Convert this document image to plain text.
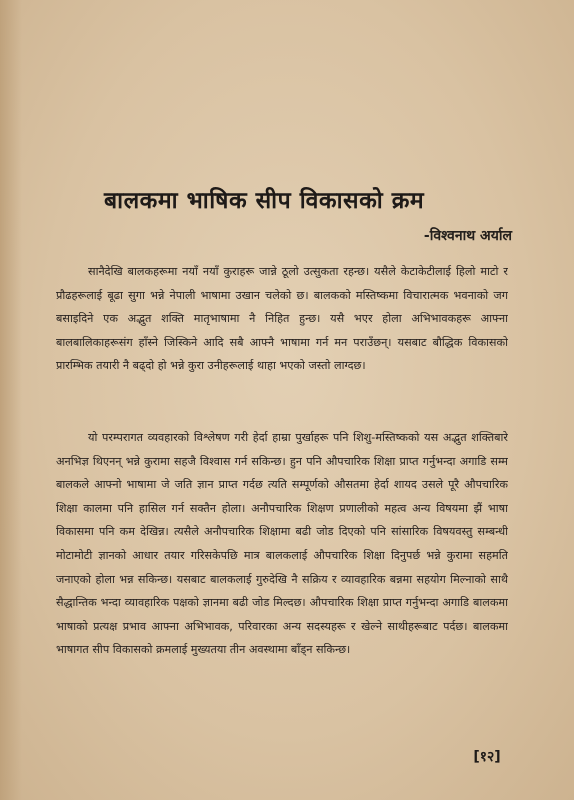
बालकमा भाषिक सीप विकासको क्रम
-विश्वनाथ अर्याल

सानैदेखि बालकहरूमा नयाँ नयाँ कुराहरू जान्ने ठूलो उत्सुकता रहन्छ। यसैले केटाकेटीलाई हिलो माटो र प्रौढहरूलाई बूढा सुगा भन्ने नेपाली भाषामा उखान चलेको छ। बालकको मस्तिष्कमा विचारात्मक भवनाको जग बसाइदिने एक अद्भुत शक्ति मातृभाषामा नै निहित हुन्छ। यसै भएर होला अभिभावकहरू आफ्ना बालबालिकाहरूसंग हाँस्ने जिस्किने आदि सबै आफ्नै भाषामा गर्न मन पराउँछन्। यसबाट बौद्धिक विकासको प्रारम्भिक तयारी नै बढ्दो हो भन्ने कुरा उनीहरूलाई थाहा भएको जस्तो लाग्दछ।

यो परम्परागत व्यवहारको विश्लेषण गरी हेर्दा हाम्रा पुर्खाहरू पनि शिशु-मस्तिष्कको यस अद्भुत शक्तिबारे अनभिज्ञ थिएनन् भन्ने कुरामा सहजै विश्वास गर्न सकिन्छ। हुन पनि औपचारिक शिक्षा प्राप्त गर्नुभन्दा अगाडि सम्म बालकले आफ्नो भाषामा जे जति ज्ञान प्राप्त गर्दछ त्यति सम्पूर्णको औसतमा हेर्दा शायद उसले पूरै औपचारिक शिक्षा कालमा पनि हासिल गर्न सक्तैन होला। अनौपचारिक शिक्षण प्रणालीको महत्व अन्य विषयमा झैं भाषा विकासमा पनि कम देखिन्न। त्यसैले अनौपचारिक शिक्षामा बढी जोड दिएको पनि सांसारिक विषयवस्तु सम्बन्धी मोटामोटी ज्ञानको आधार तयार गरिसकेपछि मात्र बालकलाई औपचारिक शिक्षा दिनुपर्छ भन्ने कुरामा सहमति जनाएको होला भन्न सकिन्छ। यसबाट बालकलाई गुरुदेखि नै सक्रिय र व्यावहारिक बन्नमा सहयोग मिल्नाको साथै सैद्धान्तिक भन्दा व्यावहारिक पक्षको ज्ञानमा बढी जोड मिल्दछ। औपचारिक शिक्षा प्राप्त गर्नुभन्दा अगाडि बालकमा भाषाको प्रत्यक्ष प्रभाव आफ्ना अभिभावक, परिवारका अन्य सदस्यहरू र खेल्ने साथीहरूबाट पर्दछ। बालकमा भाषागत सीप विकासको क्रमलाई मुख्यतया तीन अवस्थामा बाँड्न सकिन्छ।

[१२]
